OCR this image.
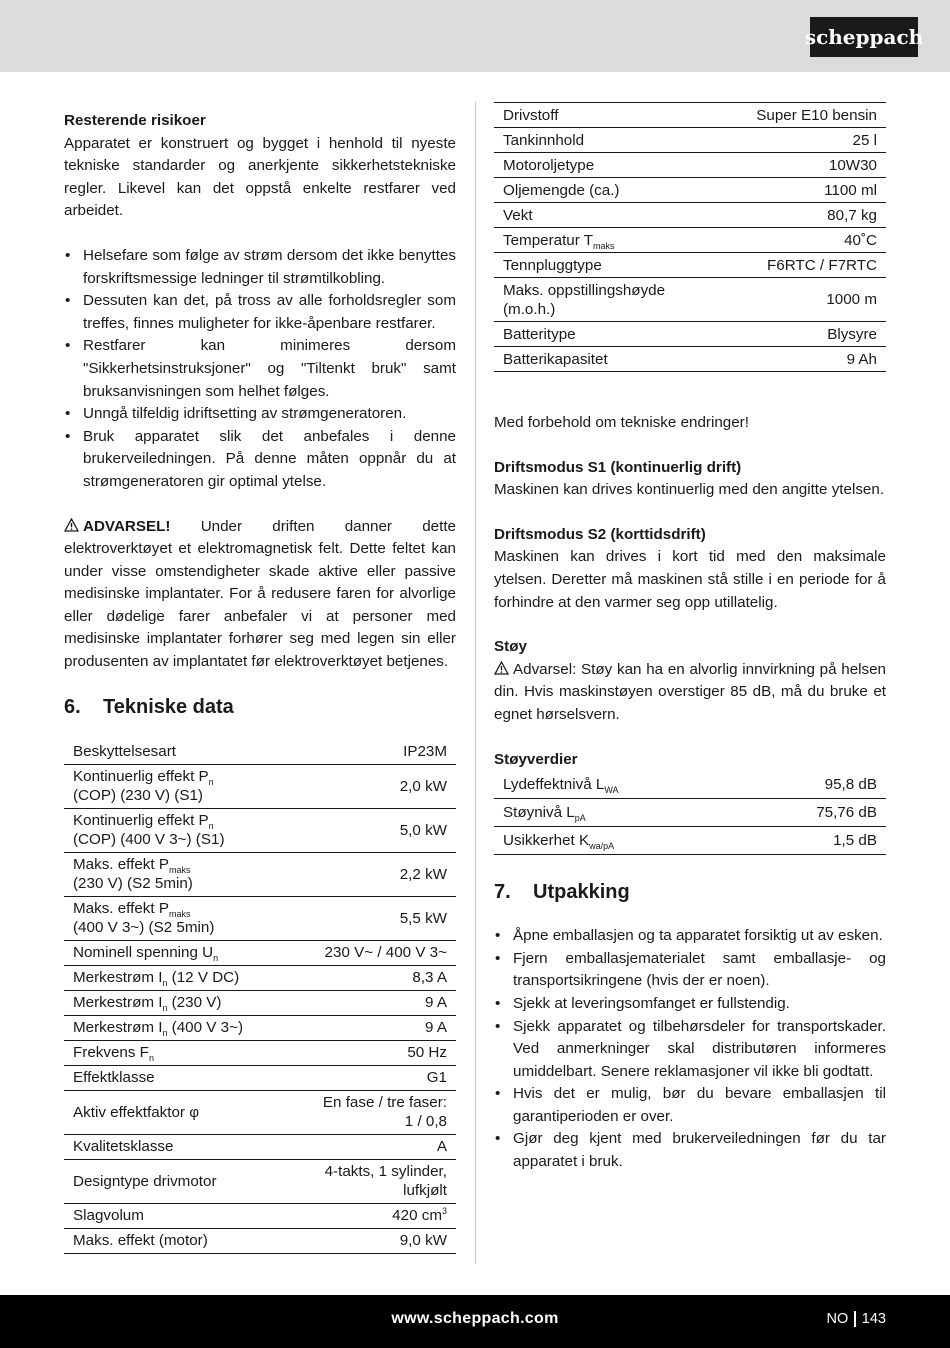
scheppach

Resterende risikoer

Apparatet er konstruert og bygget i henhold til nyeste tekniske standarder og anerkjente sikkerhetstekniske regler. Likevel kan det oppstå enkelte restfarer ved arbeidet.

• Helsefare som følge av strøm dersom det ikke benyttes forskriftsmessige ledninger til strømtilkobling.
• Dessuten kan det, på tross av alle forholdsregler som treffes, finnes muligheter for ikke-åpenbare restfarer.
• Restfarer kan minimeres dersom "Sikkerhetsinstruksjoner" og "Tiltenkt bruk" samt bruksanvisningen som helhet følges.
• Unngå tilfeldig idriftsetting av strømgeneratoren.
• Bruk apparatet slik det anbefales i denne brukerveiledningen. På denne måten oppnår du at strømgeneratoren gir optimal ytelse.

ADVARSEL! Under driften danner dette elektroverktøyet et elektromagnetisk felt. Dette feltet kan under visse omstendigheter skade aktive eller passive medisinske implantater. For å redusere faren for alvorlige eller dødelige farer anbefaler vi at personer med medisinske implantater forhører seg med legen sin eller produsenten av implantatet før elektroverktøyet betjenes.

6.	Tekniske data
Beskyttelsesart	IP23M
Kontinuerlig effekt $P_n$
(COP) (230 V) (S1)	2,0 kW
Kontinuerlig effekt $P_n$
(COP) (400 V 3~) (S1)	5,0 kW
Maks. effekt $P_{maks}$
(230 V) (S2 5min)	2,2 kW
Maks. effekt $P_{maks}$
(400 V 3~) (S2 5min)	5,5 kW
Nominell spenning $U_n$	230 V~ / 400 V 3~
Merkestrøm $I_n$ (12 V DC)	8,3 A
Merkestrøm $I_n$ (230 V)	9 A
Merkestrøm $I_n$ (400 V 3~)	9 A
Frekvens $F_n$	50 Hz
Effektklasse	G1
Aktiv effektfaktor φ	En fase / tre faser:
1 / 0,8
Kvalitetsklasse	A
Designtype drivmotor	4-takts, 1 sylinder,
lufkjølt
Slagvolum	420 $cm^3$
Maks. effekt (motor)	9,0 kW
Drivstoff	Super E10 bensin
Tankinnhold	25 l
Motoroljetype	10W30
Oljemengde (ca.)	1100 ml
Vekt	80,7 kg
Temperatur $T_{maks}$	40˚C
Tennpluggtype	F6RTC / F7RTC
Maks. oppstillingshøyde
(m.o.h.)	1000 m
Batteritype	Blysyre
Batterikapasitet	9 Ah

Med forbehold om tekniske endringer!

Driftsmodus S1 (kontinuerlig drift)

Maskinen kan drives kontinuerlig med den angitte ytelsen.

Driftsmodus S2 (korttidsdrift)

Maskinen kan drives i kort tid med den maksimale ytelsen. Deretter må maskinen stå stille i en periode for å forhindre at den varmer seg opp utillatelig.

Støy

Advarsel: Støy kan ha en alvorlig innvirkning på helsen din. Hvis maskinstøyen overstiger 85 dB, må du bruke et egnet hørselsvern.

Støyverdier

Lydeffektnivå $L_{WA}$	95,8 dB
Støynivå $L_{pA}$	75,76 dB
Usikkerhet $K_{wa/pA}$	1,5 dB
7.	Utpakking
• Åpne emballasjen og ta apparatet forsiktig ut av esken.
• Fjern emballasjematerialet samt emballasje- og transportsikringene (hvis der er noen).
• Sjekk at leveringsomfanget er fullstendig.
• Sjekk apparatet og tilbehørsdeler for transportskader. Ved anmerkninger skal distributøren informeres umiddelbart. Senere reklamasjoner vil ikke bli godtatt.
• Hvis det er mulig, bør du bevare emballasjen til garantiperioden er over.
• Gjør deg kjent med brukerveiledningen før du tar apparatet i bruk.
www.scheppach.com	NO 143
